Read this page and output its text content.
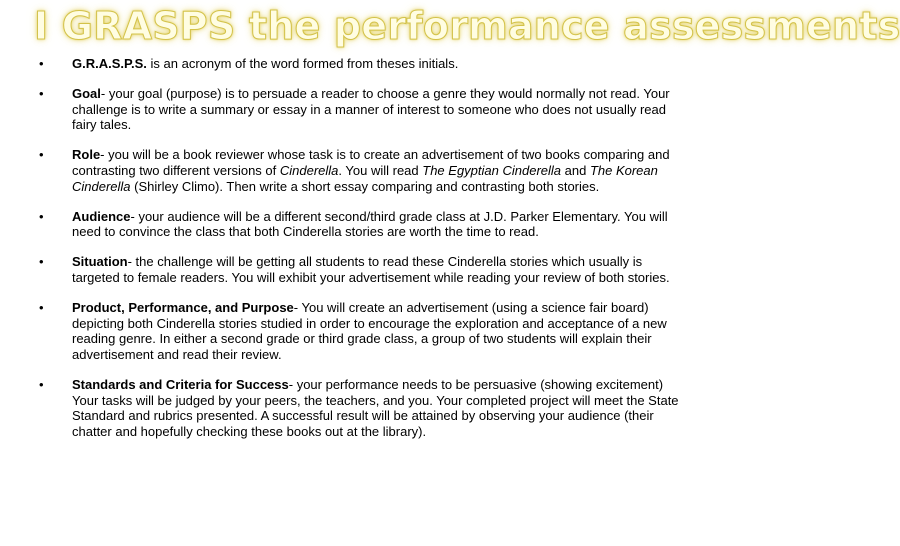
I GRASPS the performance assessments
• G.R.A.S.P.S. is an acronym of the word formed from theses initials.
• Goal- your goal (purpose) is to persuade a reader to choose a genre they would normally not read. Your challenge is to write a summary or essay in a manner of interest to someone who does not usually read fairy tales.
• Role- you will be a book reviewer whose task is to create an advertisement of two books comparing and contrasting two different versions of Cinderella. You will read The Egyptian Cinderella and The Korean Cinderella (Shirley Climo). Then write a short essay comparing and contrasting both stories.
• Audience- your audience will be a different second/third grade class at J.D. Parker Elementary. You will need to convince the class that both Cinderella stories are worth the time to read.
• Situation- the challenge will be getting all students to read these Cinderella stories which usually is targeted to female readers. You will exhibit your advertisement while reading your review of both stories.
• Product, Performance, and Purpose- You will create an advertisement (using a science fair board) depicting both Cinderella stories studied in order to encourage the exploration and acceptance of a new reading genre. In either a second grade or third grade class, a group of two students will explain their advertisement and read their review.
• Standards and Criteria for Success- your performance needs to be persuasive (showing excitement) Your tasks will be judged by your peers, the teachers, and you. Your completed project will meet the State Standard and rubrics presented. A successful result will be attained by observing your audience (their chatter and hopefully checking these books out at the library).
